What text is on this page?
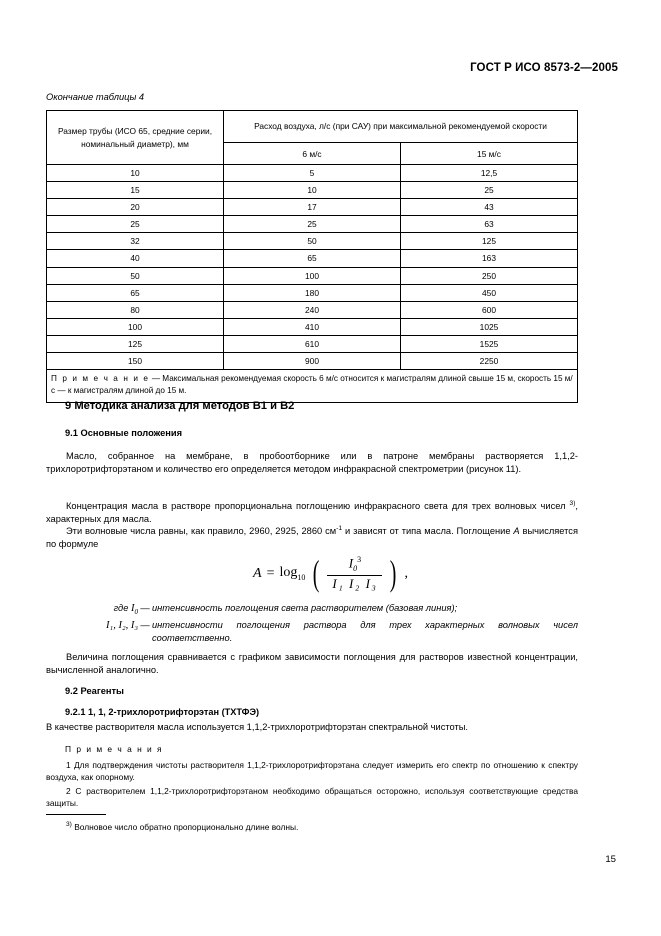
ГОСТ Р ИСО 8573-2—2005
Окончание таблицы 4
Размер трубы (ИСО 65, средние серии, номинальный диаметр), мм	Расход воздуха, л/с (при САУ) при максимальной рекомендуемой скорости	
	6 м/с	15 м/с
10	5	12,5
15	10	25
20	17	43
25	25	63
32	50	125
40	65	163
50	100	250
65	180	450
80	240	600
100	410	1025
125	610	1525
150	900	2250
П р и м е ч а н и е — Максимальная рекомендуемая скорость 6 м/с относится к магистралям длиной свыше 15 м, скорость 15 м/с — к магистралям длиной до 15 м.		
9 Методика анализа для методов В1 и В2
9.1 Основные положения
Масло, собранное на мембране, в пробоотборнике или в патроне мембраны растворяется 1,1,2-трихлоротрифторэтаном и количество его определяется методом инфракрасной спектрометрии (рисунок 11).
Концентрация масла в растворе пропорциональна поглощению инфракрасного света для трех волновых чисел $^{3)}$, характерных для масла.
Эти волновые числа равны, как правило, 2960, 2925, 2860 $см^{-1}$ и зависят от типа масла. Поглощение А вычисляется по формуле
$A = \log_{10}$ ( $\frac{I_0^3}{\text{I₁ I₂ I₃}}$ ) ,
где $I_0$	—	интенсивность поглощения света растворителем (базовая линия);
I₁, I₂, I₃	—	интенсивности поглощения раствора для трех характерных волновых чисел соответственно.
Величина поглощения сравнивается с графиком зависимости поглощения для растворов известной концентрации, вычисленной аналогично.
9.2 Реагенты
9.2.1 1, 1, 2-трихлоротрифторэтан (ТХТФЭ)
В качестве растворителя масла используется 1,1,2-трихлоротрифторэтан спектральной чистоты.
П р и м е ч а н и я
1 Для подтверждения чистоты растворителя 1,1,2-трихлоротрифторэтана следует измерить его спектр по отношению к спектру воздуха, как опорному.
2 С растворителем 1,1,2-трихлоротрифторэтаном необходимо обращаться осторожно, используя соответствующие средства защиты.
$^{3)}$ Волновое число обратно пропорционально длине волны.
15
